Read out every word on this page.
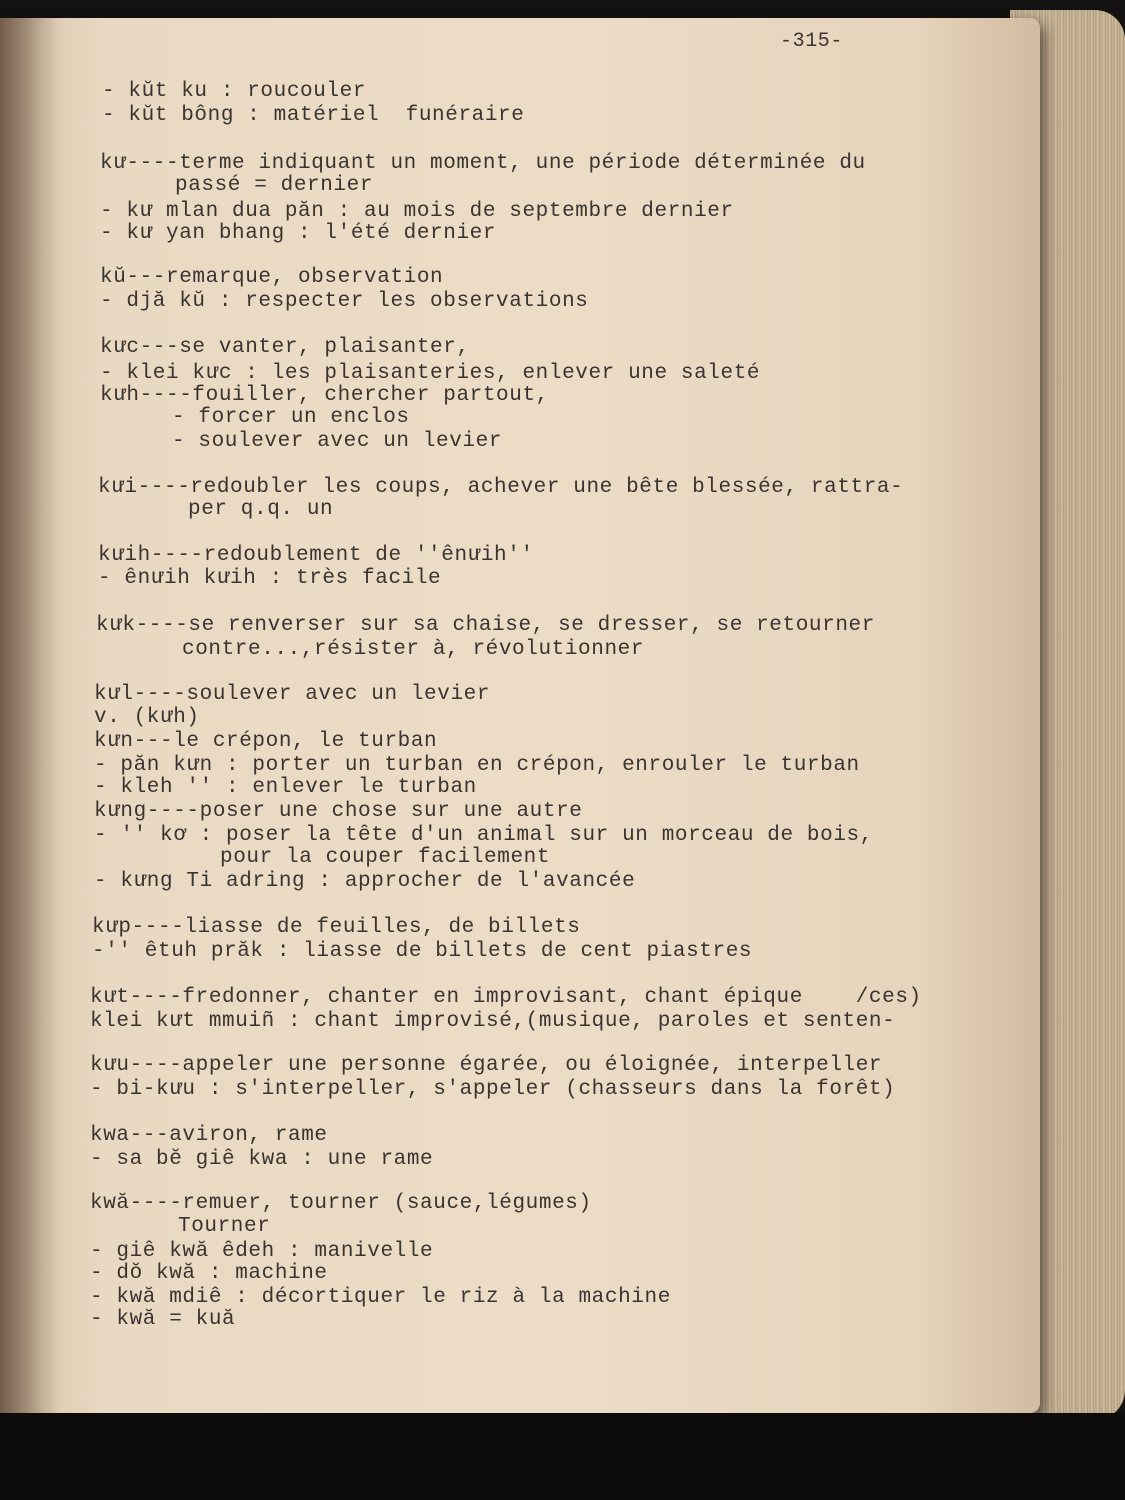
-315-
- kŭt ku : roucouler
- kŭt bông : matériel  funéraire
kư----terme indiquant un moment, une période déterminée du
passé = dernier
- kư mlan dua păn : au mois de septembre dernier
- kư yan bhang : l'été dernier
kŭ---remarque, observation
- djă kŭ : respecter les observations
kưc---se vanter, plaisanter,
- klei kưc : les plaisanteries, enlever une saleté
kưh----fouiller, chercher partout,
- forcer un enclos
- soulever avec un levier
kưi----redoubler les coups, achever une bête blessée, rattra-
per q.q. un
kưih----redoublement de ''ênưih''
- ênưih kưih : très facile
kưk----se renverser sur sa chaise, se dresser, se retourner
contre...,résister à, révolutionner
kưl----soulever avec un levier
v. (kưh)
kưn---le crépon, le turban
- păn kưn : porter un turban en crépon, enrouler le turban
- kleh '' : enlever le turban
kưng----poser une chose sur une autre
- '' kơ : poser la tête d'un animal sur un morceau de bois,
pour la couper facilement
- kưng Ti adring : approcher de l'avancée
kưp----liasse de feuilles, de billets
-'' êtuh prăk : liasse de billets de cent piastres
kưt----fredonner, chanter en improvisant, chant épique    /ces)
klei kưt mmuiñ : chant improvisé,(musique, paroles et senten-
kưu----appeler une personne égarée, ou éloignée, interpeller
- bi-kưu : s'interpeller, s'appeler (chasseurs dans la forêt)
kwa---aviron, rame
- sa bĕ giê kwa : une rame
kwă----remuer, tourner (sauce,légumes)
Tourner
- giê kwă êdeh : manivelle
- dŏ kwă : machine
- kwă mdiê : décortiquer le riz à la machine
- kwă = kuă
